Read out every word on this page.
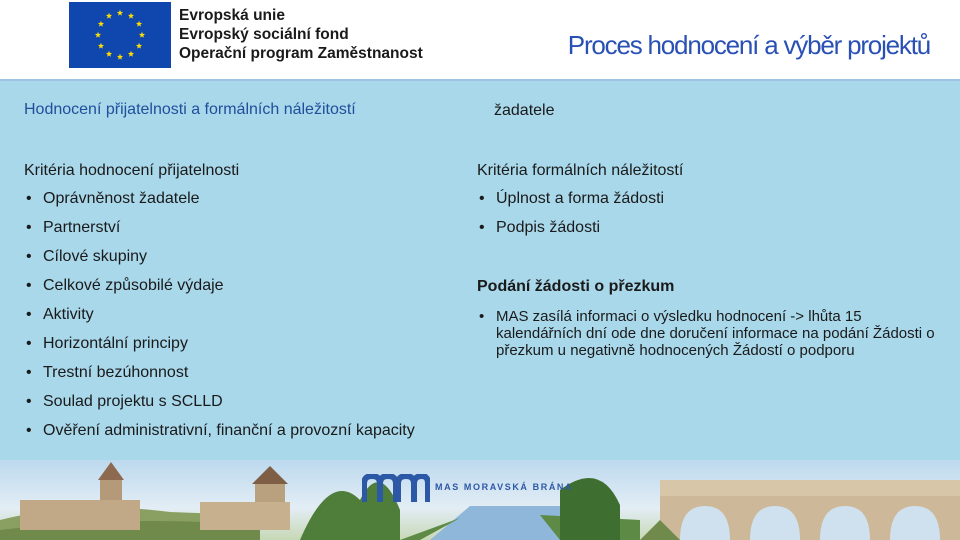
Evropská unie
Evropský sociální fond
Operační program Zaměstnanost	Proces hodnocení a výběr projektů
Hodnocení přijatelnosti a formálních náležitostí	žadatele
Kritéria hodnocení přijatelnosti
• Oprávněnost žadatele
• Partnerství
• Cílové skupiny
• Celkové způsobilé výdaje
• Aktivity
• Horizontální principy
• Trestní bezúhonnost
• Soulad projektu s SCLLD
• Ověření administrativní, finanční a provozní kapacity
Kritéria formálních náležitostí
• Úplnost a forma žádosti
• Podpis žádosti
Podání žádosti o přezkum
• MAS zasílá informaci o výsledku hodnocení -> lhůta 15 kalendářních dní ode dne doručení informace na podání Žádosti o přezkum u negativně hodnocených Žádostí o podporu
MAS MORAVSKÁ BRÁNA
